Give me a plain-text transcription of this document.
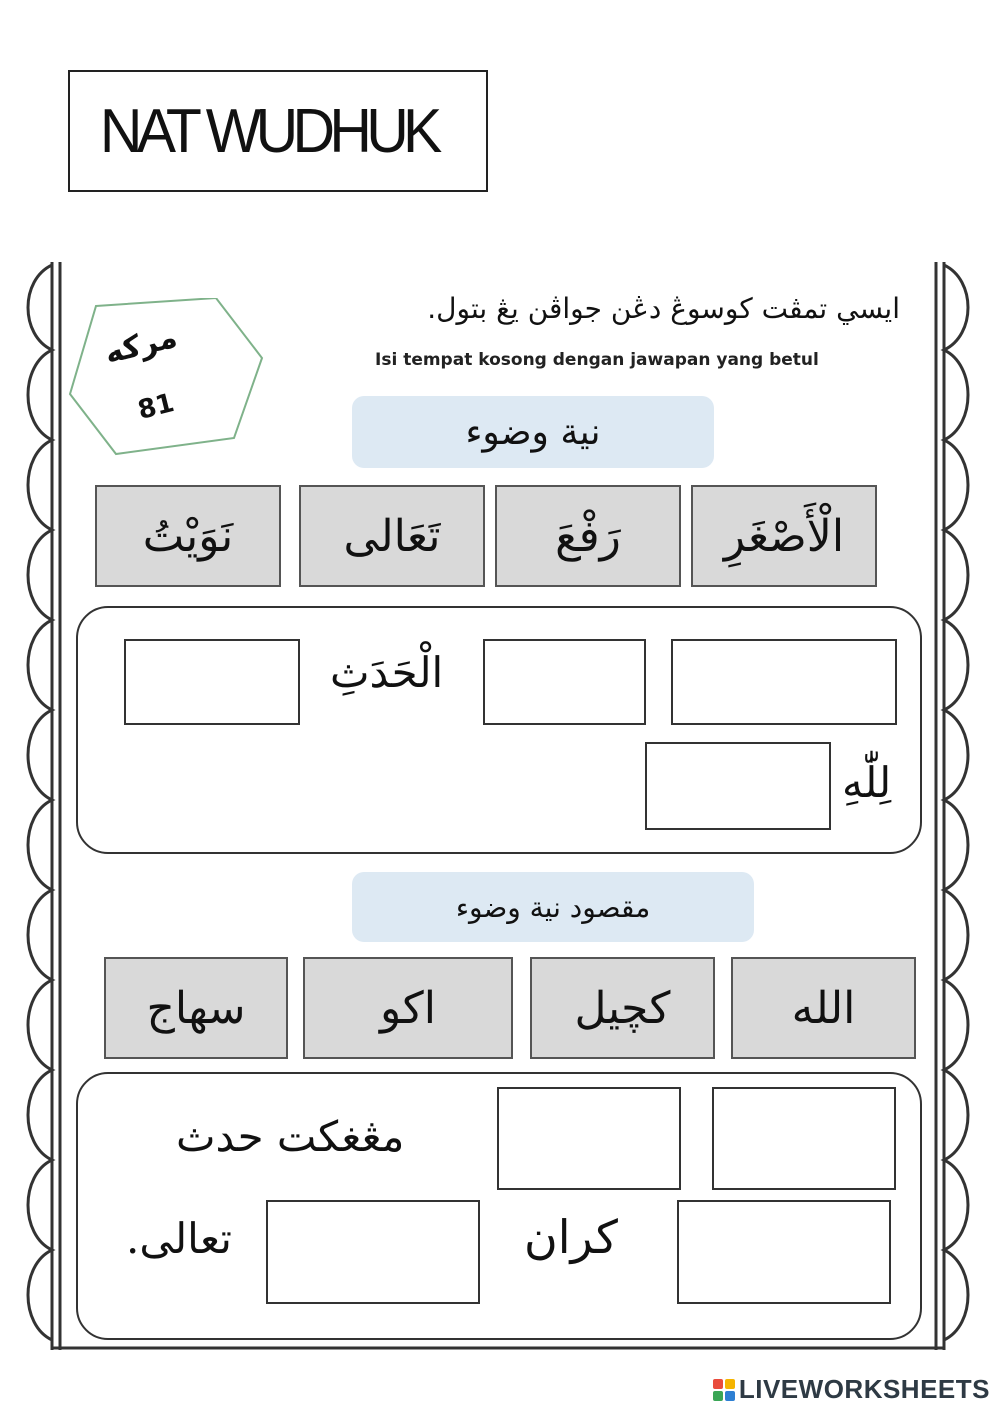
NAT WUDHUK
ايسي تمڤت كوسوڠ دڠن جواڤن يڠ بتول.
Isi tempat kosong dengan jawapan yang betul
مركه
81
نية وضوء
الْأَصْغَرِ
رَفْعَ
تَعَالى
نَوَيْتُ
الْحَدَثِ
لِلّٰهِ
مقصود نية وضوء
الله
كچيل
اكو
سهاج
مڠغكت حدث
كران
تعالى.
LIVEWORKSHEETS
